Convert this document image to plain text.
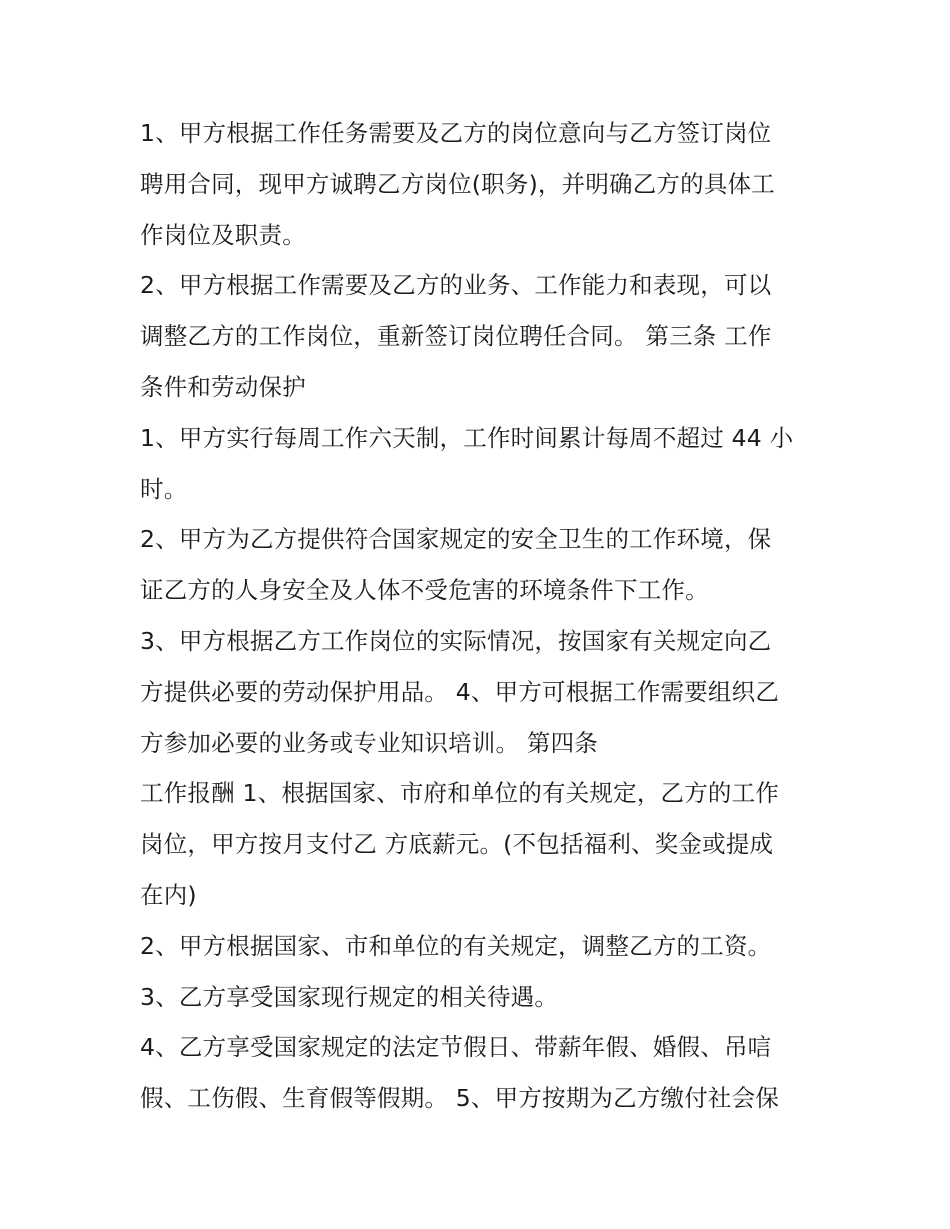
1、甲方根据工作任务需要及乙方的岗位意向与乙方签订岗位
聘用合同，现甲方诚聘乙方岗位(职务)，并明确乙方的具体工
作岗位及职责。
2、甲方根据工作需要及乙方的业务、工作能力和表现，可以
调整乙方的工作岗位，重新签订岗位聘任合同。 第三条 工作
条件和劳动保护
1、甲方实行每周工作六天制，工作时间累计每周不超过 44 小
时。
2、甲方为乙方提供符合国家规定的安全卫生的工作环境，保
证乙方的人身安全及人体不受危害的环境条件下工作。
3、甲方根据乙方工作岗位的实际情况，按国家有关规定向乙
方提供必要的劳动保护用品。 4、甲方可根据工作需要组织乙
方参加必要的业务或专业知识培训。 第四条
工作报酬 1、根据国家、市府和单位的有关规定，乙方的工作
岗位，甲方按月支付乙 方底薪元。(不包括福利、奖金或提成
在内)
2、甲方根据国家、市和单位的有关规定，调整乙方的工资。
3、乙方享受国家现行规定的相关待遇。
4、乙方享受国家规定的法定节假日、带薪年假、婚假、吊唁
假、工伤假、生育假等假期。 5、甲方按期为乙方缴付社会保
